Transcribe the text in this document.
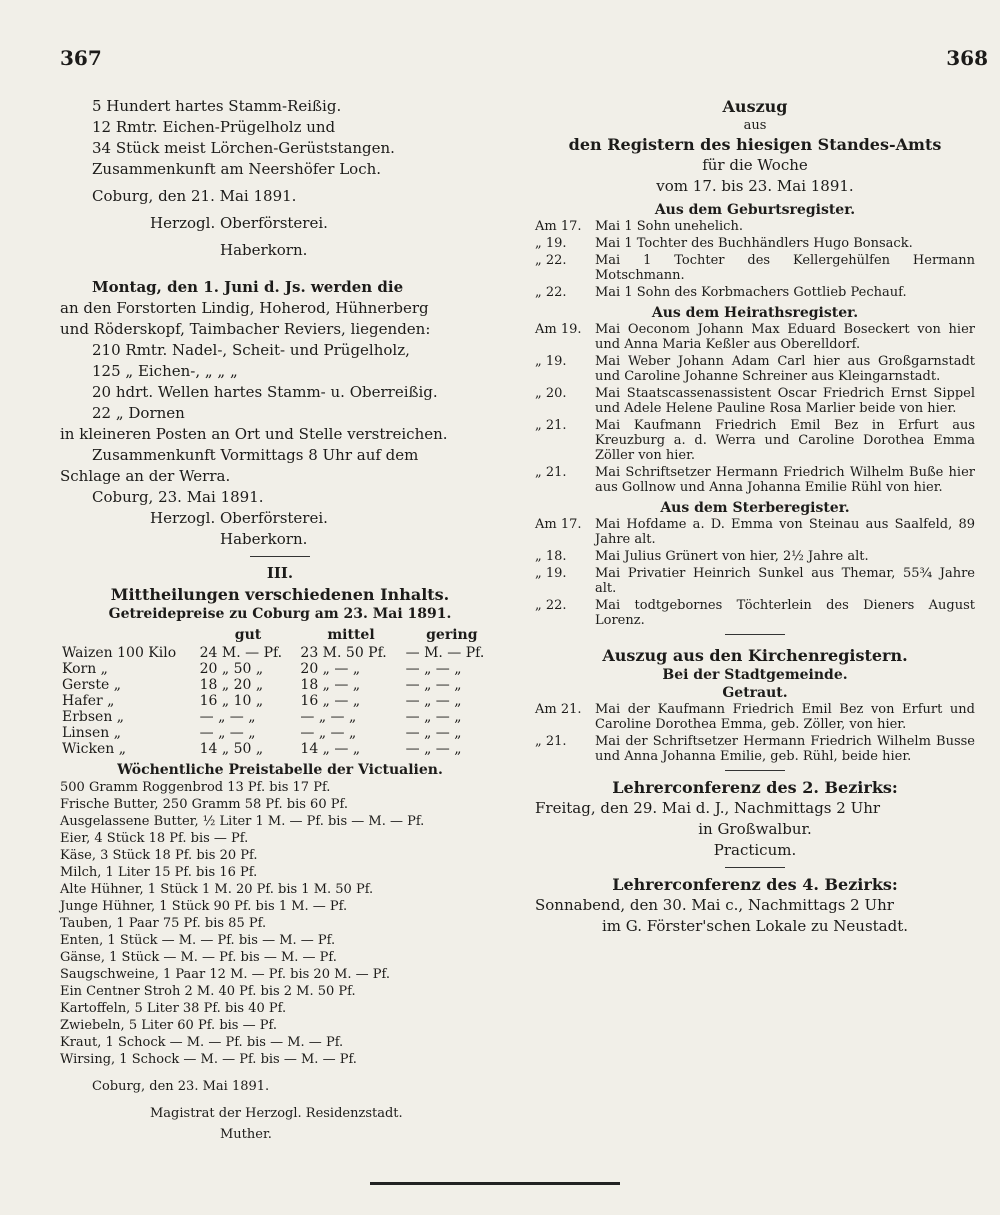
367	368
5 Hundert hartes Stamm-Reißig.
12 Rmtr. Eichen-Prügelholz und
34 Stück meist Lörchen-Gerüststangen.
Zusammenkunft am Neershöfer Loch.
Coburg, den 21. Mai 1891.
Herzogl. Oberförsterei.
Haberkorn.
Montag, den 1. Juni d. Js. werden die
an den Forstorten Lindig, Hoherod, Hühnerberg
und Röderskopf, Taimbacher Reviers, liegenden:
210 Rmtr. Nadel-, Scheit- und Prügelholz,
125 „ Eichen-, „ „ „
20 hdrt. Wellen hartes Stamm- u. Oberreißig.
22 „ Dornen
in kleineren Posten an Ort und Stelle verstreichen.
Zusammenkunft Vormittags 8 Uhr auf dem
Schlage an der Werra.
Coburg, 23. Mai 1891.
Herzogl. Oberförsterei.
Haberkorn.
III.
Mittheilungen verschiedenen Inhalts.
Getreidepreise zu Coburg am 23. Mai 1891.
	gut	mittel	gering
Waizen 100 Kilo	24 M. — Pf.	23 M. 50 Pf.	— M. — Pf.
Korn „	20 „ 50 „	20 „ — „	— „ — „
Gerste „	18 „ 20 „	18 „ — „	— „ — „
Hafer „	16 „ 10 „	16 „ — „	— „ — „
Erbsen „	— „ — „	— „ — „	— „ — „
Linsen „	— „ — „	— „ — „	— „ — „
Wicken „	14 „ 50 „	14 „ — „	— „ — „
Wöchentliche Preistabelle der Victualien.
500 Gramm Roggenbrod 13 Pf. bis 17 Pf.
Frische Butter, 250 Gramm 58 Pf. bis 60 Pf.
Ausgelassene Butter, ½ Liter 1 M. — Pf. bis — M. — Pf.
Eier, 4 Stück 18 Pf. bis — Pf.
Käse, 3 Stück 18 Pf. bis 20 Pf.
Milch, 1 Liter 15 Pf. bis 16 Pf.
Alte Hühner, 1 Stück 1 M. 20 Pf. bis 1 M. 50 Pf.
Junge Hühner, 1 Stück 90 Pf. bis 1 M. — Pf.
Tauben, 1 Paar 75 Pf. bis 85 Pf.
Enten, 1 Stück — M. — Pf. bis — M. — Pf.
Gänse, 1 Stück — M. — Pf. bis — M. — Pf.
Saugschweine, 1 Paar 12 M. — Pf. bis 20 M. — Pf.
Ein Centner Stroh 2 M. 40 Pf. bis 2 M. 50 Pf.
Kartoffeln, 5 Liter 38 Pf. bis 40 Pf.
Zwiebeln, 5 Liter 60 Pf. bis — Pf.
Kraut, 1 Schock — M. — Pf. bis — M. — Pf.
Wirsing, 1 Schock — M. — Pf. bis — M. — Pf.
Coburg, den 23. Mai 1891.
Magistrat der Herzogl. Residenzstadt.
Muther.
Auszug
aus
den Registern des hiesigen Standes-Amts
für die Woche
vom 17. bis 23. Mai 1891.
Aus dem Geburtsregister.
Am 17.	Mai 1 Sohn unehelich.
„ 19.	Mai 1 Tochter des Buchhändlers Hugo Bonsack.
„ 22.	Mai 1 Tochter des Kellergehülfen Hermann Motschmann.
„ 22.	Mai 1 Sohn des Korbmachers Gottlieb Pechauf.
Aus dem Heirathsregister.
Am 19.	Mai Oeconom Johann Max Eduard Boseckert von hier und Anna Maria Keßler aus Oberelldorf.
„ 19.	Mai Weber Johann Adam Carl hier aus Großgarnstadt und Caroline Johanne Schreiner aus Kleingarnstadt.
„ 20.	Mai Staatscassenassistent Oscar Friedrich Ernst Sippel und Adele Helene Pauline Rosa Marlier beide von hier.
„ 21.	Mai Kaufmann Friedrich Emil Bez in Erfurt aus Kreuzburg a. d. Werra und Caroline Dorothea Emma Zöller von hier.
„ 21.	Mai Schriftsetzer Hermann Friedrich Wilhelm Buße hier aus Gollnow und Anna Johanna Emilie Rühl von hier.
Aus dem Sterberegister.
Am 17.	Mai Hofdame a. D. Emma von Steinau aus Saalfeld, 89 Jahre alt.
„ 18.	Mai Julius Grünert von hier, 2½ Jahre alt.
„ 19.	Mai Privatier Heinrich Sunkel aus Themar, 55¾ Jahre alt.
„ 22.	Mai todtgebornes Töchterlein des Dieners August Lorenz.
Auszug aus den Kirchenregistern.
Bei der Stadtgemeinde.
Getraut.
Am 21.	Mai der Kaufmann Friedrich Emil Bez von Erfurt und Caroline Dorothea Emma, geb. Zöller, von hier.
„ 21.	Mai der Schriftsetzer Hermann Friedrich Wilhelm Busse und Anna Johanna Emilie, geb. Rühl, beide hier.
Lehrerconferenz des 2. Bezirks:
Freitag, den 29. Mai d. J., Nachmittags 2 Uhr
in Großwalbur.
Practicum.
Lehrerconferenz des 4. Bezirks:
Sonnabend, den 30. Mai c., Nachmittags 2 Uhr
im G. Förster'schen Lokale zu Neustadt.
